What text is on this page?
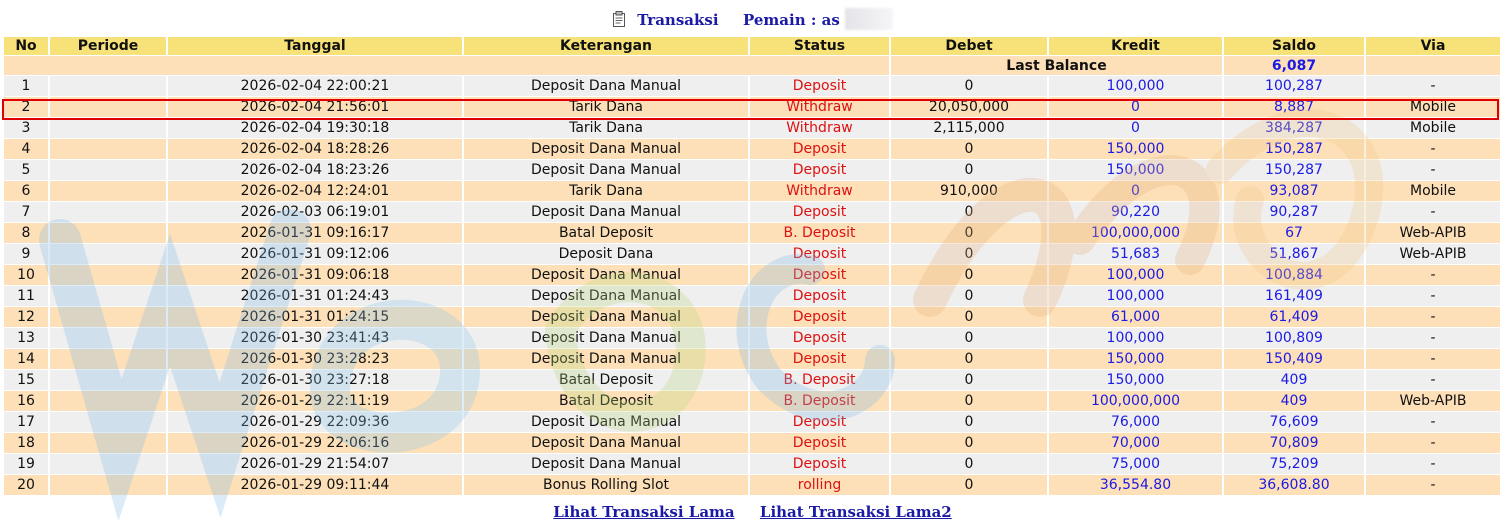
Transaksi Pemain : as
No	Periode	Tanggal	Keterangan	Status	Debet	Kredit	Saldo	Via
					Last Balance		6,087	
1		2026-02-04 22:00:21	Deposit Dana Manual	Deposit	0	100,000	100,287	-
2		2026-02-04 21:56:01	Tarik Dana	Withdraw	20,050,000	0	8,887	Mobile
3		2026-02-04 19:30:18	Tarik Dana	Withdraw	2,115,000	0	384,287	Mobile
4		2026-02-04 18:28:26	Deposit Dana Manual	Deposit	0	150,000	150,287	-
5		2026-02-04 18:23:26	Deposit Dana Manual	Deposit	0	150,000	150,287	-
6		2026-02-04 12:24:01	Tarik Dana	Withdraw	910,000	0	93,087	Mobile
7		2026-02-03 06:19:01	Deposit Dana Manual	Deposit	0	90,220	90,287	-
8		2026-01-31 09:16:17	Batal Deposit	B. Deposit	0	100,000,000	67	Web-APIB
9		2026-01-31 09:12:06	Deposit Dana	Deposit	0	51,683	51,867	Web-APIB
10		2026-01-31 09:06:18	Deposit Dana Manual	Deposit	0	100,000	100,884	-
11		2026-01-31 01:24:43	Deposit Dana Manual	Deposit	0	100,000	161,409	-
12		2026-01-31 01:24:15	Deposit Dana Manual	Deposit	0	61,000	61,409	-
13		2026-01-30 23:41:43	Deposit Dana Manual	Deposit	0	100,000	100,809	-
14		2026-01-30 23:28:23	Deposit Dana Manual	Deposit	0	150,000	150,409	-
15		2026-01-30 23:27:18	Batal Deposit	B. Deposit	0	150,000	409	-
16		2026-01-29 22:11:19	Batal Deposit	B. Deposit	0	100,000,000	409	Web-APIB
17		2026-01-29 22:09:36	Deposit Dana Manual	Deposit	0	76,000	76,609	-
18		2026-01-29 22:06:16	Deposit Dana Manual	Deposit	0	70,000	70,809	-
19		2026-01-29 21:54:07	Deposit Dana Manual	Deposit	0	75,000	75,209	-
20		2026-01-29 09:11:44	Bonus Rolling Slot	rolling	0	36,554.80	36,608.80	-
Lihat Transaksi Lama Lihat Transaksi Lama2
